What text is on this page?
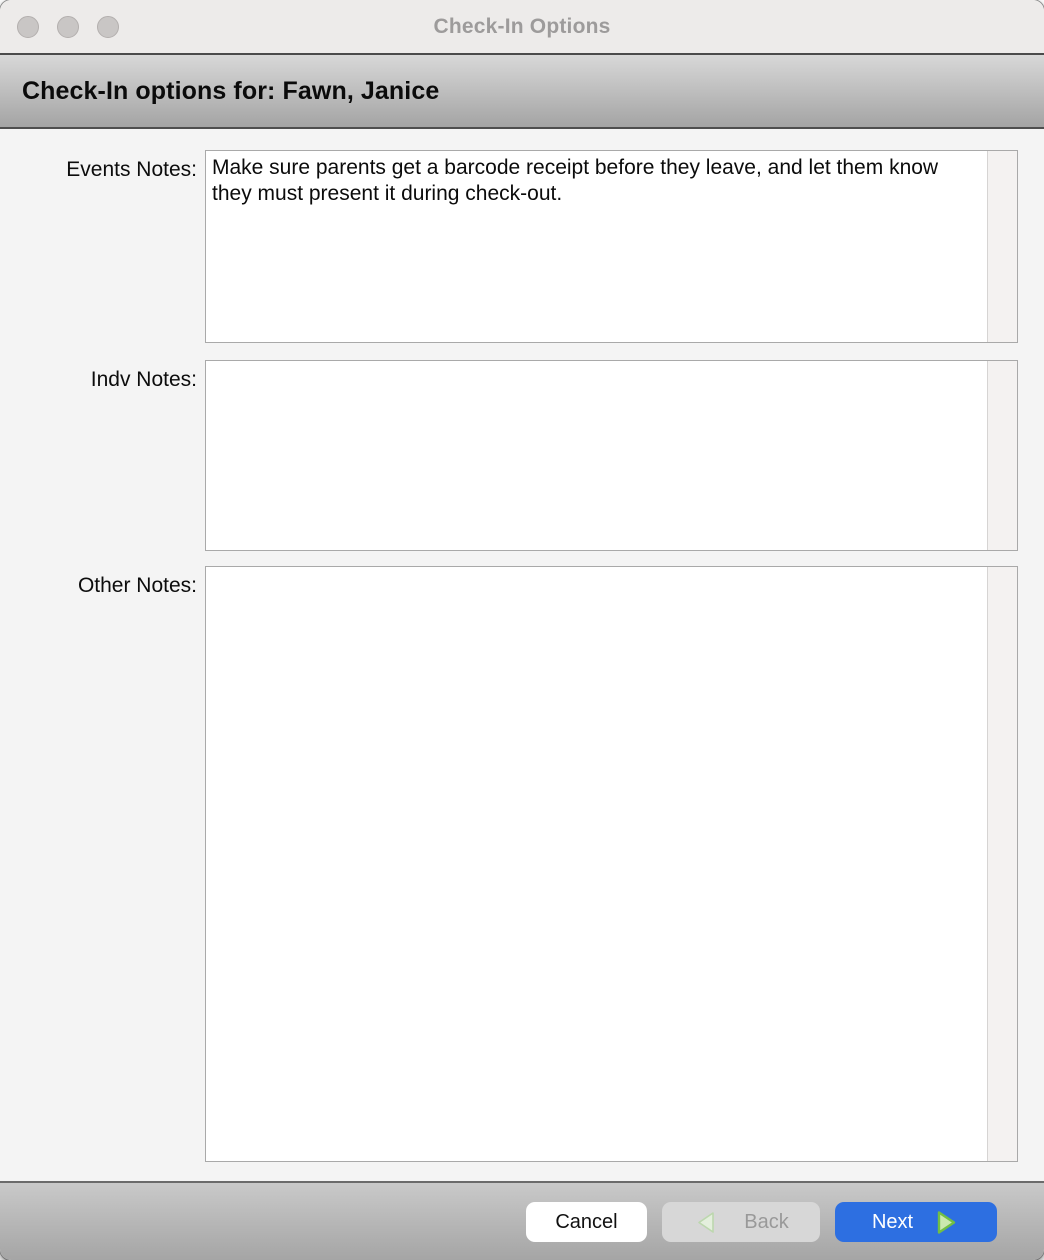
Check-In Options
Check-In options for: Fawn, Janice
Events Notes:
Make sure parents get a barcode receipt before they leave, and let them know they must present it during check-out.
Indv Notes:
Other Notes:
Cancel	Back	Next
